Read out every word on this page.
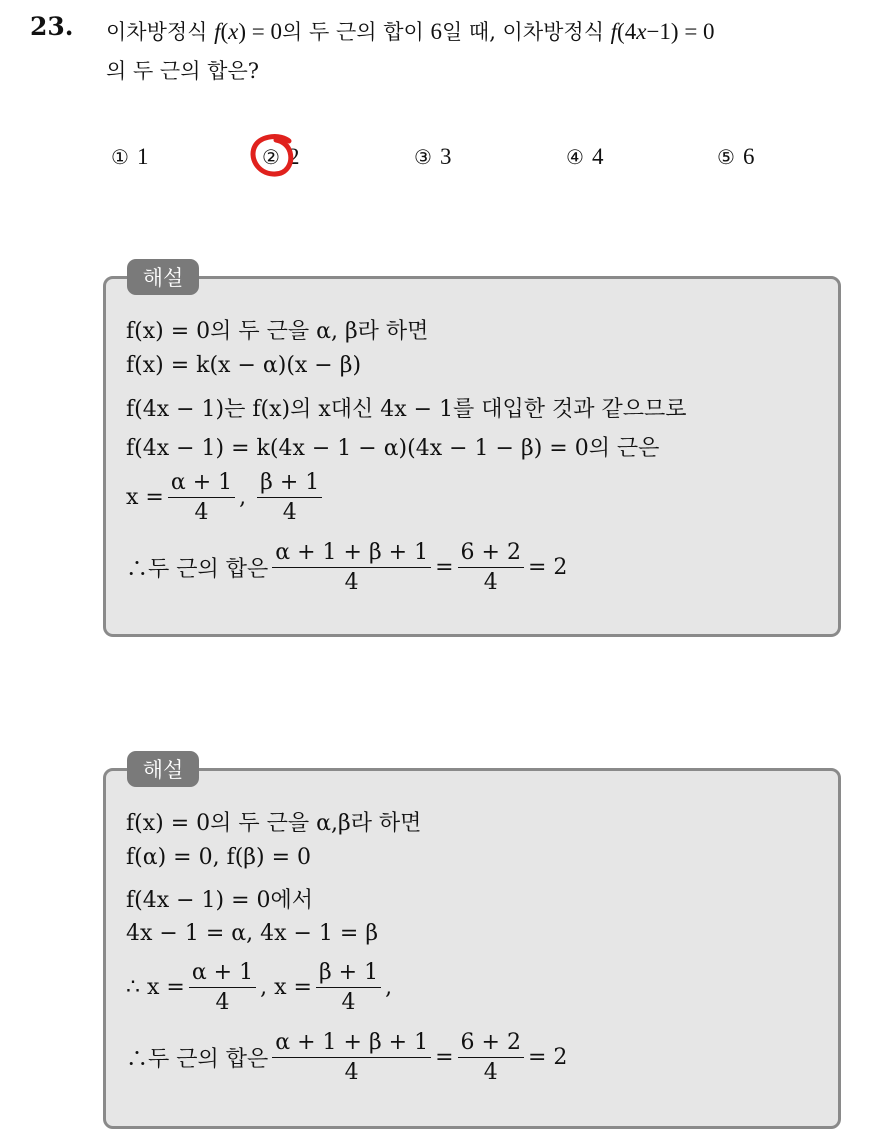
23. 이차방정식 f(x) = 0의 두 근의 합이 6일 때, 이차방정식 f(4x−1) = 0
의 두 근의 합은?
① 1	② 2	③ 3	④ 4	⑤ 6
해설
f(x) = 0의 두 근을 α, β라 하면
f(x) = k(x − α)(x − β)
f(4x − 1)는 f(x)의 x대신 4x − 1를 대입한 것과 같으므로
f(4x − 1) = k(4x − 1 − α)(4x − 1 − β) = 0의 근은
$x = \frac{\alpha + 1}{4}$ , $\frac{\beta + 1}{4}$
∴두 근의 합은 $\frac{\alpha + 1 + \beta + 1}{4} = \frac{6 + 2}{4} = 2$
해설
f(x) = 0의 두 근을 α,β라 하면
f(α) = 0, f(β) = 0
f(4x − 1) = 0에서
4x − 1 = α, 4x − 1 = β
∴ $x = \frac{\alpha + 1}{4}$ , $x = \frac{\beta + 1}{4}$ ,
∴두 근의 합은 $\frac{\alpha + 1 + \beta + 1}{4} = \frac{6 + 2}{4} = 2$
